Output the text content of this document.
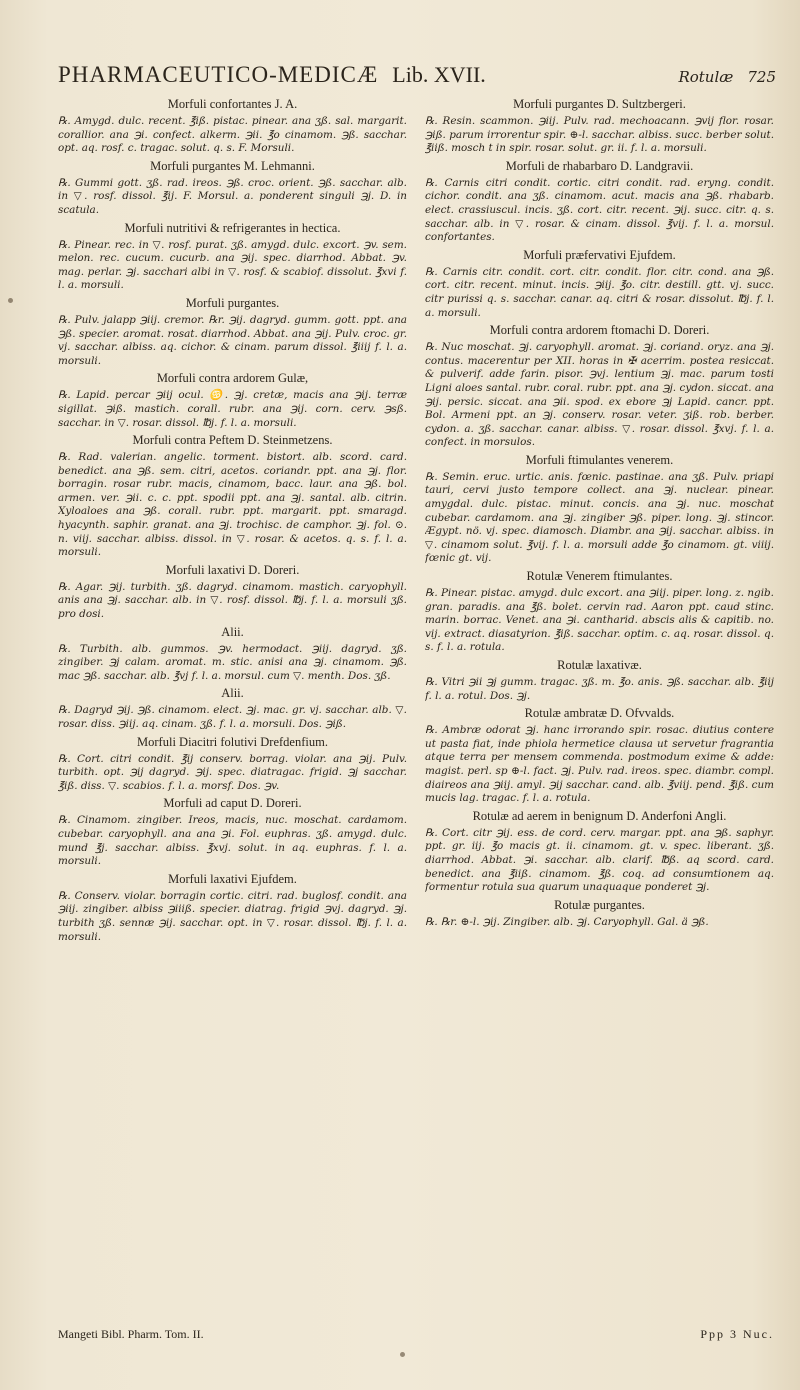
PHARMACEUTICO-MEDICÆ Lib. XVII.	Rotulæ 725
Morfuli confortantes J. A.

℞. Amygd. dulc. recent. ℥iß. pistac. pinear. ana ʒß. sal. margarit. corallior. ana ℈i. confect. alkerm. ℈ii. ℥o cinamom. ℈ß. sacchar. opt. aq. rosf. c. tragac. solut. q. s. F. Morsuli.

Morfuli purgantes M. Lehmanni.

℞. Gummi gott. ʒß. rad. ireos. ℈ß. croc. orient. ℈ß. sacchar. alb. in ▽. rosf. dissol. ℥ij. F. Morsul. a. ponderent singuli ℈j. D. in scatula.

Morfuli nutritivi & refrigerantes in hectica.

℞. Pinear. rec. in ▽. rosf. purat. ʒß. amygd. dulc. excort. ℈v. sem. melon. rec. cucum. cucurb. ana ℈ij. spec. diarrhod. Abbat. ℈v. mag. perlar. ℈j. sacchari albi in ▽. rosf. & scabiof. dissolut. ℥xvi f. l. a. morsuli.

Morfuli purgantes.

℞. Pulv. jalapp ℈iij. cremor. ℞r. ℈ij. dagryd. gumm. gott. ppt. ana ℈ß. specier. aromat. rosat. diarrhod. Abbat. ana ℈ij. Pulv. croc. gr. vj. sacchar. albiss. aq. cichor. & cinam. parum dissol. ℥iiij f. l. a. morsuli.

Morfuli contra ardorem Gulæ,

℞. Lapid. percar ℈iij ocul. ♋. ℈j. cretæ, macis ana ℈ij. terræ sigillat. ℈iß. mastich. corall. rubr. ana ℈ij. corn. cerv. ℈sß. sacchar. in ▽. rosar. dissol. ℔j. f. l. a. morsuli.

Morfuli contra Peftem D. Steinmetzens.

℞. Rad. valerian. angelic. torment. bistort. alb. scord. card. benedict. ana ℈ß. sem. citri, acetos. coriandr. ppt. ana ℈j. flor. borragin. rosar rubr. macis, cinamom, bacc. laur. ana ℈ß. bol. armen. ver. ℈ii. c. c. ppt. spodii ppt. ana ℈j. santal. alb. citrin. Xyloaloes ana ℈ß. corall. rubr. ppt. margarit. ppt. smaragd. hyacynth. saphir. granat. ana ℈j. trochisc. de camphor. ℈j. fol. ⊙. n. viij. sacchar. albiss. dissol. in ▽. rosar. & acetos. q. s. f. l. a. morsuli.

Morfuli laxativi D. Doreri.

℞. Agar. ℈ij. turbith. ʒß. dagryd. cinamom. mastich. caryophyll. anis ana ℈j. sacchar. alb. in ▽. rosf. dissol. ℔j. f. l. a. morsuli ʒß. pro dosi.

Alii.

℞. Turbith. alb. gummos. ℈v. hermodact. ℈iij. dagryd. ʒß. zingiber. ℈j calam. aromat. m. stic. anisi ana ℈j. cinamom. ℈ß. mac ℈ß. sacchar. alb. ℥vj f. l. a. morsul. cum ▽. menth. Dos. ʒß.

Alii.

℞. Dagryd ℈ij. ℈ß. cinamom. elect. ℈j. mac. gr. vj. sacchar. alb. ▽. rosar. diss. ℈iij. aq. cinam. ʒß. f. l. a. morsuli. Dos. ℈iß.

Morfuli Diacitri folutivi Drefdenfium.

℞. Cort. citri condit. ℥ij conserv. borrag. violar. ana ℈ij. Pulv. turbith. opt. ℈ij dagryd. ℈ij. spec. diatragac. frigid. ℈j sacchar. ℥iß. diss. ▽. scabios. f. l. a. morsf. Dos. ℈v.

Morfuli ad caput D. Doreri.

℞. Cinamom. zingiber. Ireos, macis, nuc. moschat. cardamom. cubebar. caryophyll. ana ana ℈i. Fol. euphras. ʒß. amygd. dulc. mund ℥j. sacchar. albiss. ℥xvj. solut. in aq. euphras. f. l. a. morsuli.

Morfuli laxativi Ejufdem.

℞. Conserv. violar. borragin cortic. citri. rad. buglosf. condit. ana ℈iij. zingiber. albiss ℈iiiß. specier. diatrag. frigid ℈vj. dagryd. ℈j. turbith ʒß. sennæ ℈ij. sacchar. opt. in ▽. rosar. dissol. ℔j. f. l. a. morsuli.

Morfuli purgantes D. Sultzbergeri.

℞. Resin. scammon. ℈iij. Pulv. rad. mechoacann. ℈vij flor. rosar. ℈iß. parum irrorentur spir. ⊕-l. sacchar. albiss. succ. berber solut. ℥iiß. mosch t in spir. rosar. solut. gr. ii. f. l. a. morsuli.

Morfuli de rhabarbaro D. Landgravii.

℞. Carnis citri condit. cortic. citri condit. rad. eryng. condit. cichor. condit. ana ʒß. cinamom. acut. macis ana ℈ß. rhabarb. elect. crassiuscul. incis. ʒß. cort. citr. recent. ℈ij. succ. citr. q. s. sacchar. alb. in ▽. rosar. & cinam. dissol. ℥vij. f. l. a. morsul. confortantes.

Morfuli præfervativi Ejufdem.

℞. Carnis citr. condit. cort. citr. condit. flor. citr. cond. ana ℈ß. cort. citr. recent. minut. incis. ℈iij. ℥o. citr. destill. gtt. vj. succ. citr purissi q. s. sacchar. canar. aq. citri & rosar. dissolut. ℔j. f. l. a. morsuli.

Morfuli contra ardorem ftomachi D. Doreri.

℞. Nuc moschat. ℈j. caryophyll. aromat. ℈j. coriand. oryz. ana ℈j. contus. macerentur per XII. horas in ✠ acerrim. postea resiccat. & pulverif. adde farin. pisor. ℈vj. lentium ℈j. mac. parum tosti Ligni aloes santal. rubr. coral. rubr. ppt. ana ℈j. cydon. siccat. ana ℈ij. persic. siccat. ana ℈ii. spod. ex ebore ℈j Lapid. cancr. ppt. Bol. Armeni ppt. an ℈j. conserv. rosar. veter. ʒiß. rob. berber. cydon. a. ʒß. sacchar. canar. albiss. ▽. rosar. dissol. ℥xvj. f. l. a. confect. in morsulos.

Morfuli ftimulantes venerem.

℞. Semin. eruc. urtic. anis. fœnic. pastinae. ana ʒß. Pulv. priapi tauri, cervi justo tempore collect. ana ℈j. nuclear. pinear. amygdal. dulc. pistac. minut. concis. ana ℈j. nuc. moschat cubebar. cardamom. ana ℈j. zingiber ℈ß. piper. long. ℈j. stincor. Ægypt. nö. vj. spec. diamosch. Diambr. ana ℈ij. sacchar. albiss. in ▽. cinamom solut. ℥vij. f. l. a. morsuli adde ℥o cinamom. gt. viiij. fœnic gt. vij.

Rotulæ Venerem ftimulantes.

℞. Pinear. pistac. amygd. dulc excort. ana ℈iij. piper. long. z. ngib. gran. paradis. ana ℥ß. bolet. cervin rad. Aaron ppt. caud stinc. marin. borrac. Venet. ana ℈i. cantharid. abscis alis & capitib. no. vij. extract. diasatyrion. ℥iß. sacchar. optim. c. aq. rosar. dissol. q. s. f. l. a. rotula.

Rotulæ laxativæ.

℞. Vitri ℈ii ℈j gumm. tragac. ʒß. m. ℥o. anis. ℈ß. sacchar. alb. ℥iij f. l. a. rotul. Dos. ℈j.

Rotulæ ambratæ D. Ofvvalds.

℞. Ambræ odorat ℈j. hanc irrorando spir. rosac. diutius contere ut pasta fiat, inde phiola hermetice clausa ut servetur fragrantia atque terra per mensem commenda. postmodum exime & adde: magist. perl. sp ⊕-l. fact. ℈j. Pulv. rad. ireos. spec. diambr. compl. diaireos ana ℈iij. amyl. ℈ij sacchar. cand. alb. ℥viij. pend. ℥iß. cum mucis lag. tragac. f. l. a. rotula.

Rotulæ ad aerem in benignum D. Anderfoni Angli.

℞. Cort. citr ℈ij. ess. de cord. cerv. margar. ppt. ana ℈ß. saphyr. ppt. gr. iij. ℥o macis gt. ii. cinamom. gt. v. spec. liberant. ʒß. diarrhod. Abbat. ℈i. sacchar. alb. clarif. ℔ß. aq scord. card. benedict. ana ℥iiß. cinamom. ℥ß. coq. ad consumtionem aq. formentur rotula sua quarum unaquaque ponderet ℈j.

Rotulæ purgantes.

℞. ℞r. ⊕-l. ℈ij. Zingiber. alb. ℈j. Caryophyll. Gal. ä ℈ß.

Mangeti Bibl. Pharm. Tom. II.	Ppp 3 Nuc.
